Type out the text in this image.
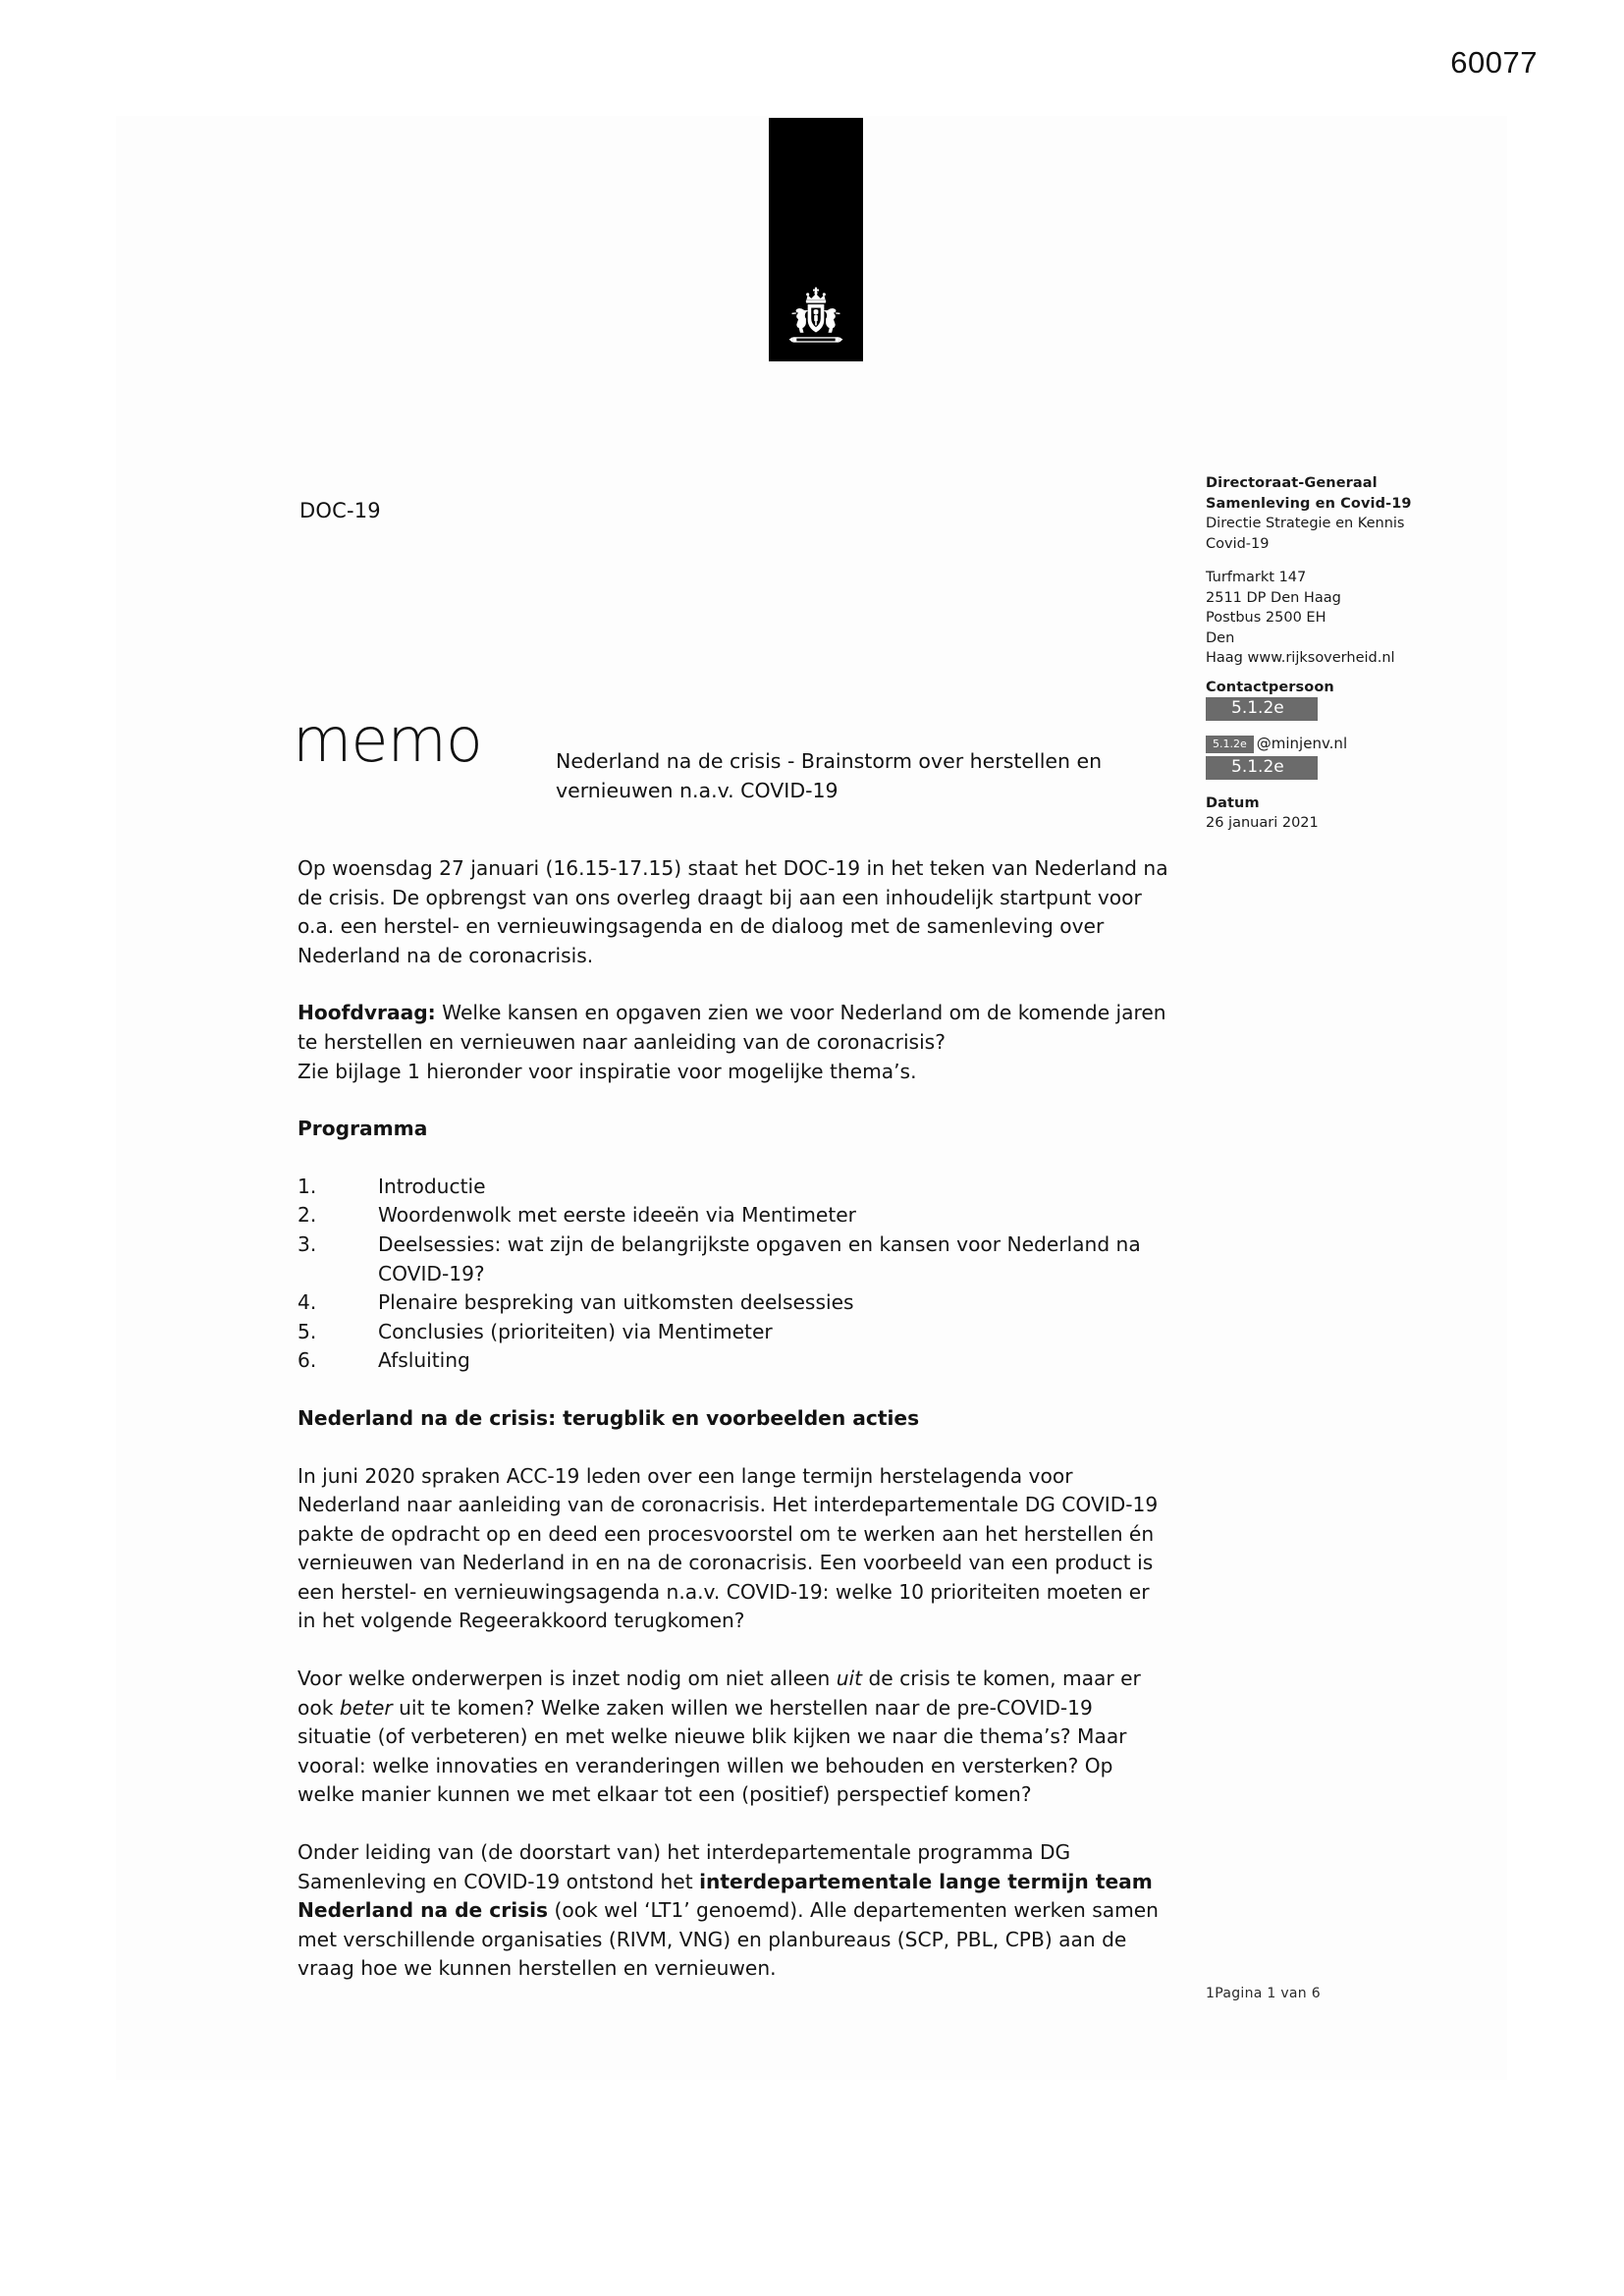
60077
DOC-19
memo	Nederland na de crisis - Brainstorm over herstellen en vernieuwen n.a.v. COVID-19
Directoraat-Generaal
Samenleving en Covid-19
Directie Strategie en Kennis
Covid-19
Turfmarkt 147
2511 DP Den Haag
Postbus 2500 EH
Den
Haag www.rijksoverheid.nl
Contactpersoon
5.1.2e
5.1.2e @minjenv.nl
5.1.2e
Datum
26 januari 2021

Op woensdag 27 januari (16.15-17.15) staat het DOC-19 in het teken van Nederland na de crisis. De opbrengst van ons overleg draagt bij aan een inhoudelijk startpunt voor o.a. een herstel- en vernieuwingsagenda en de dialoog met de samenleving over Nederland na de coronacrisis.

Hoofdvraag: Welke kansen en opgaven zien we voor Nederland om de komende jaren te herstellen en vernieuwen naar aanleiding van de coronacrisis?

Zie bijlage 1 hieronder voor inspiratie voor mogelijke thema’s.

Programma

1.	Introductie
2.	Woordenwolk met eerste ideeën via Mentimeter
3.	Deelsessies: wat zijn de belangrijkste opgaven en kansen voor Nederland na COVID-19?
4.	Plenaire bespreking van uitkomsten deelsessies
5.	Conclusies (prioriteiten) via Mentimeter
6.	Afsluiting

Nederland na de crisis: terugblik en voorbeelden acties

In juni 2020 spraken ACC-19 leden over een lange termijn herstelagenda voor Nederland naar aanleiding van de coronacrisis. Het interdepartementale DG COVID-19 pakte de opdracht op en deed een procesvoorstel om te werken aan het herstellen én vernieuwen van Nederland in en na de coronacrisis. Een voorbeeld van een product is een herstel- en vernieuwingsagenda n.a.v. COVID-19: welke 10 prioriteiten moeten er in het volgende Regeerakkoord terugkomen?

Voor welke onderwerpen is inzet nodig om niet alleen uit de crisis te komen, maar er ook beter uit te komen? Welke zaken willen we herstellen naar de pre-COVID-19 situatie (of verbeteren) en met welke nieuwe blik kijken we naar die thema’s? Maar vooral: welke innovaties en veranderingen willen we behouden en versterken? Op welke manier kunnen we met elkaar tot een (positief) perspectief komen?

Onder leiding van (de doorstart van) het interdepartementale programma DG Samenleving en COVID-19 ontstond het interdepartementale lange termijn team Nederland na de crisis (ook wel ‘LT1’ genoemd). Alle departementen werken samen met verschillende organisaties (RIVM, VNG) en planbureaus (SCP, PBL, CPB) aan de vraag hoe we kunnen herstellen en vernieuwen.

1Pagina 1 van 6
